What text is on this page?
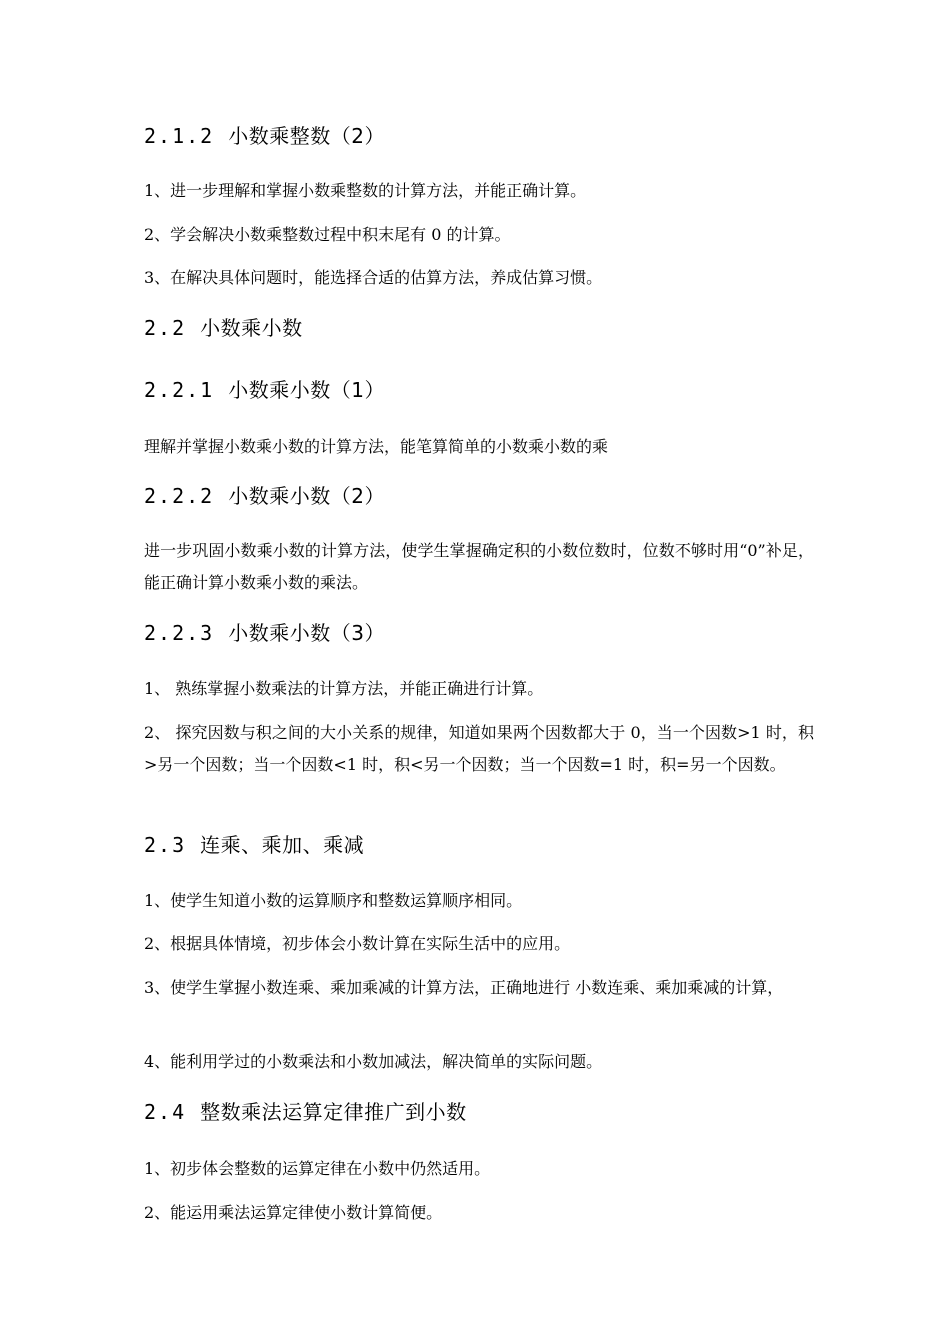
2.1.2 小数乘整数（2）

1、进一步理解和掌握小数乘整数的计算方法，并能正确计算。

2、学会解决小数乘整数过程中积末尾有 0 的计算。

3、在解决具体问题时，能选择合适的估算方法，养成估算习惯。

2.2 小数乘小数
2.2.1 小数乘小数（1）

理解并掌握小数乘小数的计算方法，能笔算简单的小数乘小数的乘

2.2.2 小数乘小数（2）

进一步巩固小数乘小数的计算方法，使学生掌握确定积的小数位数时，位数不够时用“0”补足，能正确计算小数乘小数的乘法。

2.2.3 小数乘小数（3）

1、 熟练掌握小数乘法的计算方法，并能正确进行计算。

2、 探究因数与积之间的大小关系的规律，知道如果两个因数都大于 0，当一个因数>1 时，积>另一个因数；当一个因数<1 时，积<另一个因数；当一个因数=1 时，积=另一个因数。

2.3 连乘、乘加、乘减

1、使学生知道小数的运算顺序和整数运算顺序相同。

2、根据具体情境，初步体会小数计算在实际生活中的应用。

3、使学生掌握小数连乘、乘加乘减的计算方法，正确地进行 小数连乘、乘加乘减的计算，

4、能利用学过的小数乘法和小数加减法，解决简单的实际问题。

2.4 整数乘法运算定律推广到小数

1、初步体会整数的运算定律在小数中仍然适用。

2、能运用乘法运算定律使小数计算简便。
